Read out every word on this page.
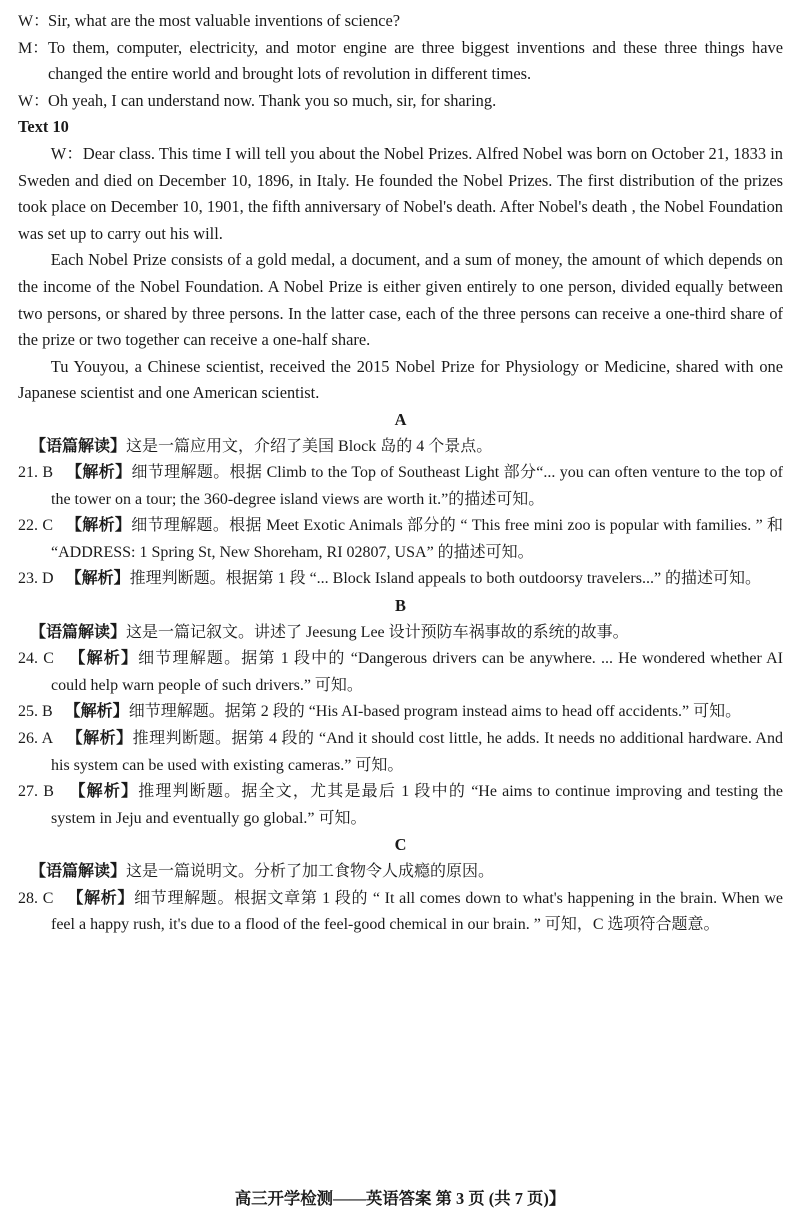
W：
Sir, what are the most valuable inventions of science?
M： To them, computer, electricity, and motor engine are three biggest inventions and these three things have changed the entire world and brought lots of revolution in different times.
W：
Oh yeah, I can understand now. Thank you so much, sir, for sharing.
Text 10
W：Dear class. This time I will tell you about the Nobel Prizes. Alfred Nobel was born on October 21, 1833 in Sweden and died on December 10, 1896, in Italy. He founded the Nobel Prizes. The first distribution of the prizes took place on December 10, 1901, the fifth anniversary of Nobel's death. After Nobel's death , the Nobel Foundation was set up to carry out his will.
Each Nobel Prize consists of a gold medal, a document, and a sum of money, the amount of which depends on the income of the Nobel Foundation. A Nobel Prize is either given entirely to one person, divided equally between two persons, or shared by three persons. In the latter case, each of the three persons can receive a one-third share of the prize or two together can receive a one-half share.
Tu Youyou, a Chinese scientist, received the 2015 Nobel Prize for Physiology or Medicine, shared with one Japanese scientist and one American scientist.
A
【语篇解读】这是一篇应用文，介绍了美国 Block 岛的 4 个景点。
21. B 【解析】细节理解题。根据 Climb to the Top of Southeast Light 部分“... you can often venture to the top of the tower on a tour; the 360-degree island views are worth it.”的描述可知。
22. C 【解析】细节理解题。根据 Meet Exotic Animals 部分的 “ This free mini zoo is popular with families. ” 和 “ADDRESS: 1 Spring St, New Shoreham, RI 02807, USA” 的描述可知。
23. D 【解析】推理判断题。根据第 1 段 “... Block Island appeals to both outdoorsy travelers...” 的描述可知。
B
【语篇解读】这是一篇记叙文。讲述了 Jeesung Lee 设计预防车祸事故的系统的故事。
24. C 【解析】细节理解题。据第 1 段中的 “Dangerous drivers can be anywhere. ... He wondered whether AI could help warn people of such drivers.” 可知。
25. B 【解析】细节理解题。据第 2 段的 “His AI-based program instead aims to head off accidents.” 可知。
26. A 【解析】推理判断题。据第 4 段的 “And it should cost little, he adds. It needs no additional hardware. And his system can be used with existing cameras.” 可知。
27. B 【解析】推理判断题。据全文，尤其是最后 1 段中的 “He aims to continue improving and testing the system in Jeju and eventually go global.” 可知。
C
【语篇解读】这是一篇说明文。分析了加工食物令人成瘾的原因。
28. C 【解析】细节理解题。根据文章第 1 段的 “ It all comes down to what's happening in the brain. When we feel a happy rush, it's due to a flood of the feel-good chemical in our brain. ” 可知，C 选项符合题意。
高三开学检测——英语答案 第 3 页 (共 7 页)】
